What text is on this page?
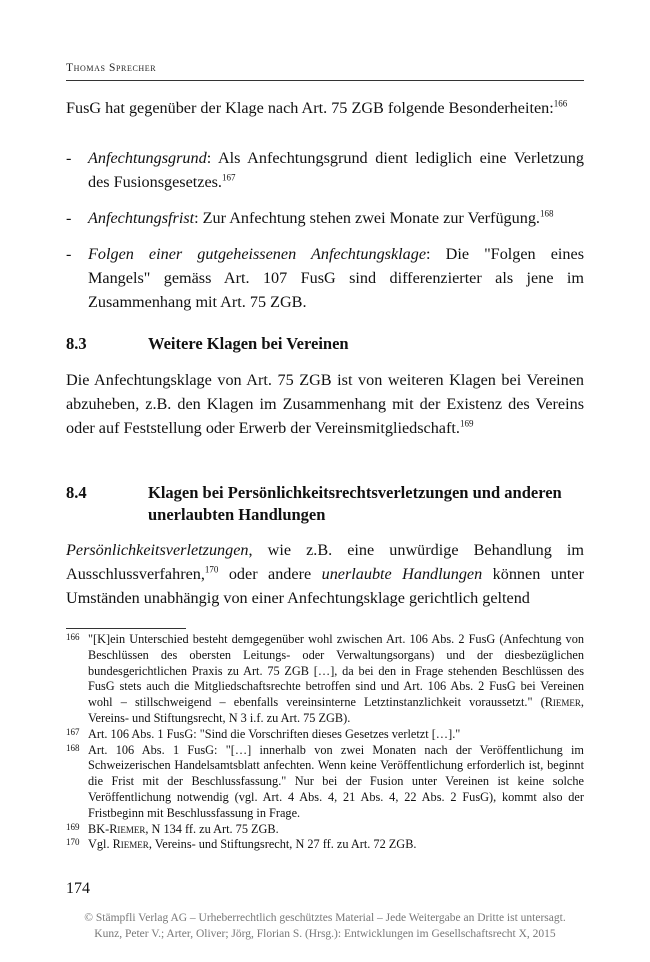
Thomas Sprecher
FusG hat gegenüber der Klage nach Art. 75 ZGB folgende Besonderheiten:$^{166}$
- Anfechtungsgrund: Als Anfechtungsgrund dient lediglich eine Verletzung des Fusionsgesetzes.$^{167}$
- Anfechtungsfrist: Zur Anfechtung stehen zwei Monate zur Verfügung.$^{168}$
- Folgen einer gutgeheissenen Anfechtungsklage: Die "Folgen eines Mangels" gemäss Art. 107 FusG sind differenzierter als jene im Zusammenhang mit Art. 75 ZGB.
8.3	Weitere Klagen bei Vereinen
Die Anfechtungsklage von Art. 75 ZGB ist von weiteren Klagen bei Vereinen abzuheben, z.B. den Klagen im Zusammenhang mit der Existenz des Vereins oder auf Feststellung oder Erwerb der Vereinsmitgliedschaft.$^{169}$
8.4	Klagen bei Persönlichkeitsrechtsverletzungen und anderen unerlaubten Handlungen
Persönlichkeitsverletzungen, wie z.B. eine unwürdige Behandlung im Ausschlussverfahren,$^{170}$ oder andere unerlaubte Handlungen können unter Umständen unabhängig von einer Anfechtungsklage gerichtlich geltend
166 "[K]ein Unterschied besteht demgegenüber wohl zwischen Art. 106 Abs. 2 FusG (Anfechtung von Beschlüssen des obersten Leitungs- oder Verwaltungsorgans) und der diesbezüglichen bundesgerichtlichen Praxis zu Art. 75 ZGB […], da bei den in Frage stehenden Beschlüssen des FusG stets auch die Mitgliedschaftsrechte betroffen sind und Art. 106 Abs. 2 FusG bei Vereinen wohl – stillschweigend – ebenfalls vereinsinterne Letztinstanzlichkeit voraussetzt." (Riemer, Vereins- und Stiftungsrecht, N 3 i.f. zu Art. 75 ZGB).
167 Art. 106 Abs. 1 FusG: "Sind die Vorschriften dieses Gesetzes verletzt […]."
168 Art. 106 Abs. 1 FusG: "[…] innerhalb von zwei Monaten nach der Veröffentlichung im Schweizerischen Handelsamtsblatt anfechten. Wenn keine Veröffentlichung erforderlich ist, beginnt die Frist mit der Beschlussfassung." Nur bei der Fusion unter Vereinen ist keine solche Veröffentlichung notwendig (vgl. Art. 4 Abs. 4, 21 Abs. 4, 22 Abs. 2 FusG), kommt also der Fristbeginn mit Beschlussfassung in Frage.
169 BK-Riemer, N 134 ff. zu Art. 75 ZGB.
170 Vgl. Riemer, Vereins- und Stiftungsrecht, N 27 ff. zu Art. 72 ZGB.
174
© Stämpfli Verlag AG – Urheberrechtlich geschütztes Material – Jede Weitergabe an Dritte ist untersagt.
Kunz, Peter V.; Arter, Oliver; Jörg, Florian S. (Hrsg.): Entwicklungen im Gesellschaftsrecht X, 2015
